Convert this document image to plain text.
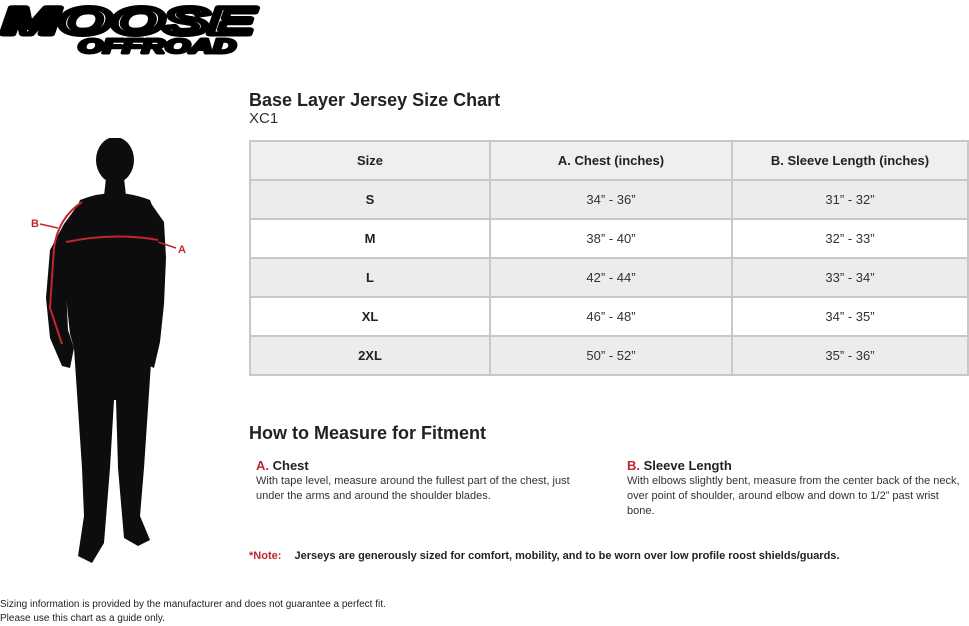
MOOSE
OFFROAD
A
B
Base Layer Jersey Size Chart
XC1
Size	A. Chest (inches)	B. Sleeve Length (inches)
S	34” - 36”	31” - 32”
M	38” - 40”	32” - 33”
L	42” - 44”	33” - 34”
XL	46” - 48”	34” - 35”
2XL	50” - 52”	35” - 36”
How to Measure for Fitment
A. Chest
With tape level, measure around the fullest part of the chest, just under the arms and around the shoulder blades.
B. Sleeve Length
With elbows slightly bent, measure from the center back of the neck, over point of shoulder, around elbow and down to 1/2” past wrist bone.
*Note: Jerseys are generously sized for comfort, mobility, and to be worn over low profile roost shields/guards.
Sizing information is provided by the manufacturer and does not guarantee a perfect fit.
Please use this chart as a guide only.
